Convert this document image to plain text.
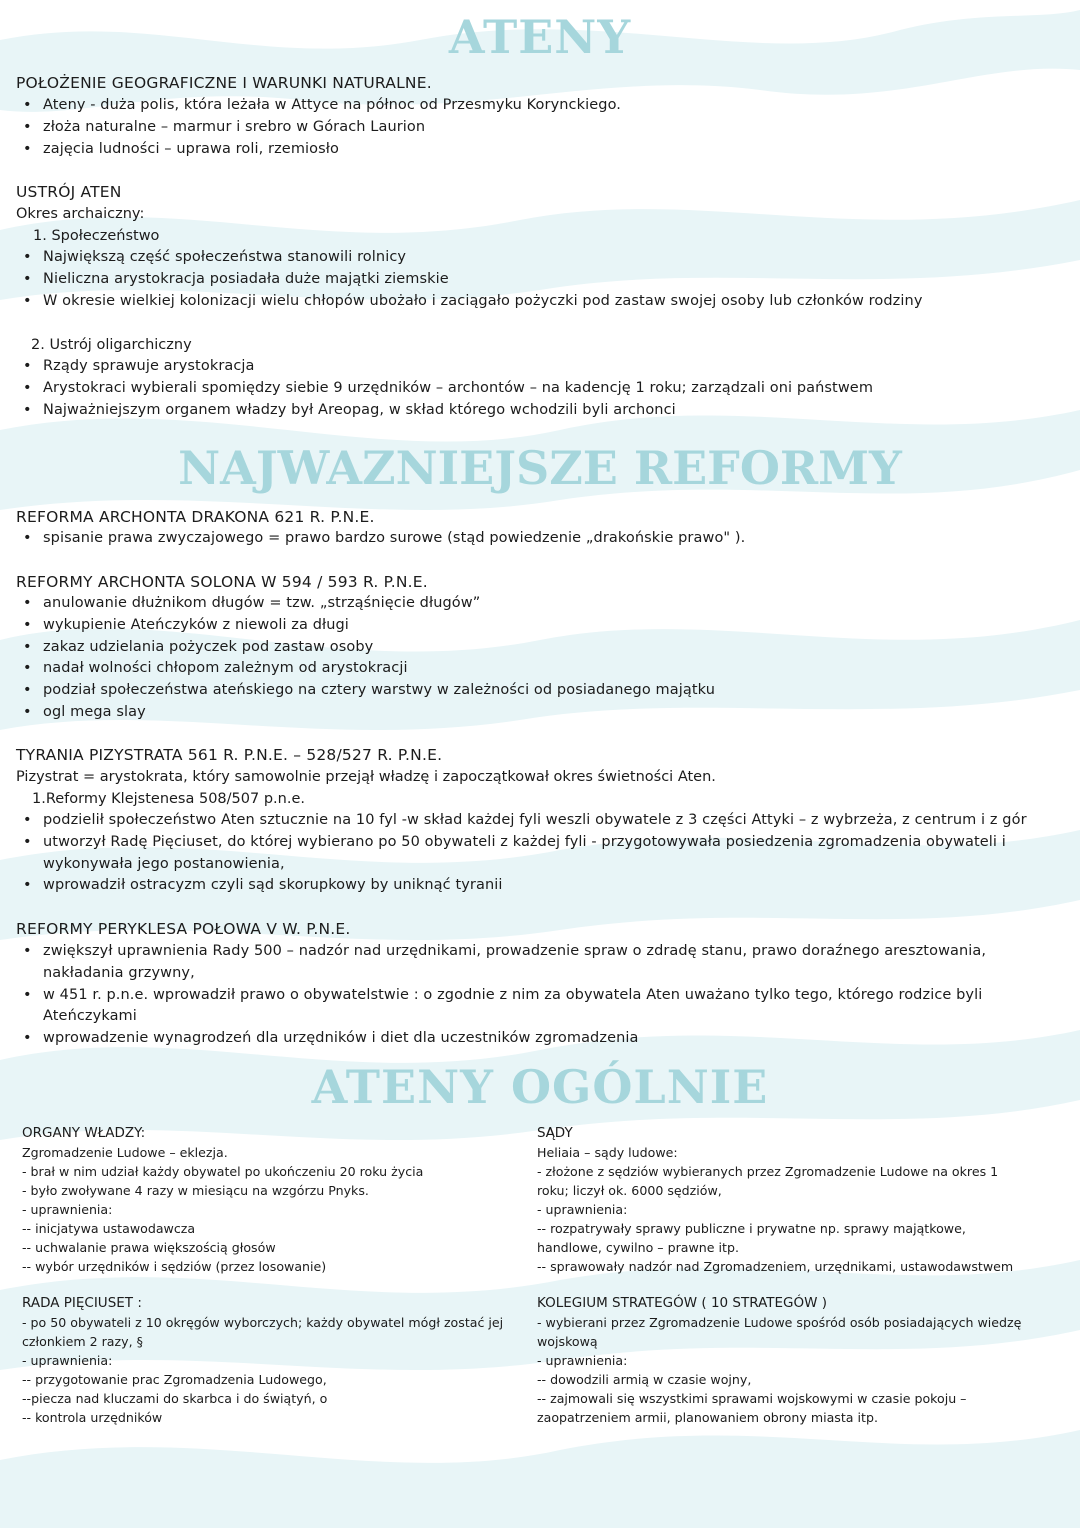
ATENY
POŁOŻENIE GEOGRAFICZNE I WARUNKI NATURALNE.
• Ateny - duża polis, która leżała w Attyce na północ od Przesmyku Korynckiego.
• złoża naturalne – marmur i srebro w Górach Laurion
• zajęcia ludności – uprawa roli, rzemiosło
USTRÓJ ATEN
Okres archaiczny:
1. Społeczeństwo
• Największą część społeczeństwa stanowili rolnicy
• Nieliczna arystokracja posiadała duże majątki ziemskie
• W okresie wielkiej kolonizacji wielu chłopów ubożało i zaciągało pożyczki pod zastaw swojej osoby lub członków rodziny
2. Ustrój oligarchiczny
• Rządy sprawuje arystokracja
• Arystokraci wybierali spomiędzy siebie 9 urzędników – archontów – na kadencję 1 roku; zarządzali oni państwem
• Najważniejszym organem władzy był Areopag, w skład którego wchodzili byli archonci
NAJWAZNIEJSZE REFORMY
REFORMA ARCHONTA DRAKONA 621 R. P.N.E.
• spisanie prawa zwyczajowego = prawo bardzo surowe (stąd powiedzenie „drakońskie prawo" ).
REFORMY ARCHONTA SOLONA W 594 / 593 R. P.N.E.
• anulowanie dłużnikom długów = tzw. „strząśnięcie długów”
• wykupienie Ateńczyków z niewoli za długi
• zakaz udzielania pożyczek pod zastaw osoby
• nadał wolności chłopom zależnym od arystokracji
• podział społeczeństwa ateńskiego na cztery warstwy w zależności od posiadanego majątku
• ogl mega slay
TYRANIA PIZYSTRATA 561 R. P.N.E. – 528/527 R. P.N.E.
Pizystrat = arystokrata, który samowolnie przejął władzę i zapoczątkował okres świetności Aten.
1.Reformy Klejstenesa 508/507 p.n.e.
• podzielił społeczeństwo Aten sztucznie na 10 fyl -w skład każdej fyli weszli obywatele z 3 części Attyki – z wybrzeża, z centrum i z gór
• utworzył Radę Pięciuset, do której wybierano po 50 obywateli z każdej fyli - przygotowywała posiedzenia zgromadzenia obywateli i wykonywała jego postanowienia,
• wprowadził ostracyzm czyli sąd skorupkowy by uniknąć tyranii
REFORMY PERYKLESA POŁOWA V W. P.N.E.
• zwiększył uprawnienia Rady 500 – nadzór nad urzędnikami, prowadzenie spraw o zdradę stanu, prawo doraźnego aresztowania, nakładania grzywny,
• w 451 r. p.n.e. wprowadził prawo o obywatelstwie : o zgodnie z nim za obywatela Aten uważano tylko tego, którego rodzice byli Ateńczykami
• wprowadzenie wynagrodzeń dla urzędników i diet dla uczestników zgromadzenia
ATENY OGÓLNIE

ORGANY WŁADZY:

Zgromadzenie Ludowe – eklezja.

- brał w nim udział każdy obywatel po ukończeniu 20 roku życia

- było zwoływane 4 razy w miesiącu na wzgórzu Pnyks.

- uprawnienia:

-- inicjatywa ustawodawcza

-- uchwalanie prawa większością głosów

-- wybór urzędników i sędziów (przez losowanie)

RADA PIĘCIUSET :

- po 50 obywateli z 10 okręgów wyborczych; każdy obywatel mógł zostać jej członkiem 2 razy, §

- uprawnienia:

-- przygotowanie prac Zgromadzenia Ludowego,

--piecza nad kluczami do skarbca i do świątyń, o

-- kontrola urzędników

SĄDY

Heliaia – sądy ludowe:

- złożone z sędziów wybieranych przez Zgromadzenie Ludowe na okres 1 roku; liczył ok. 6000 sędziów,

- uprawnienia:

-- rozpatrywały sprawy publiczne i prywatne np. sprawy majątkowe, handlowe, cywilno – prawne itp.

-- sprawowały nadzór nad Zgromadzeniem, urzędnikami, ustawodawstwem

KOLEGIUM STRATEGÓW ( 10 STRATEGÓW )

- wybierani przez Zgromadzenie Ludowe spośród osób posiadających wiedzę wojskową

- uprawnienia:

-- dowodzili armią w czasie wojny,

-- zajmowali się wszystkimi sprawami wojskowymi w czasie pokoju – zaopatrzeniem armii, planowaniem obrony miasta itp.
